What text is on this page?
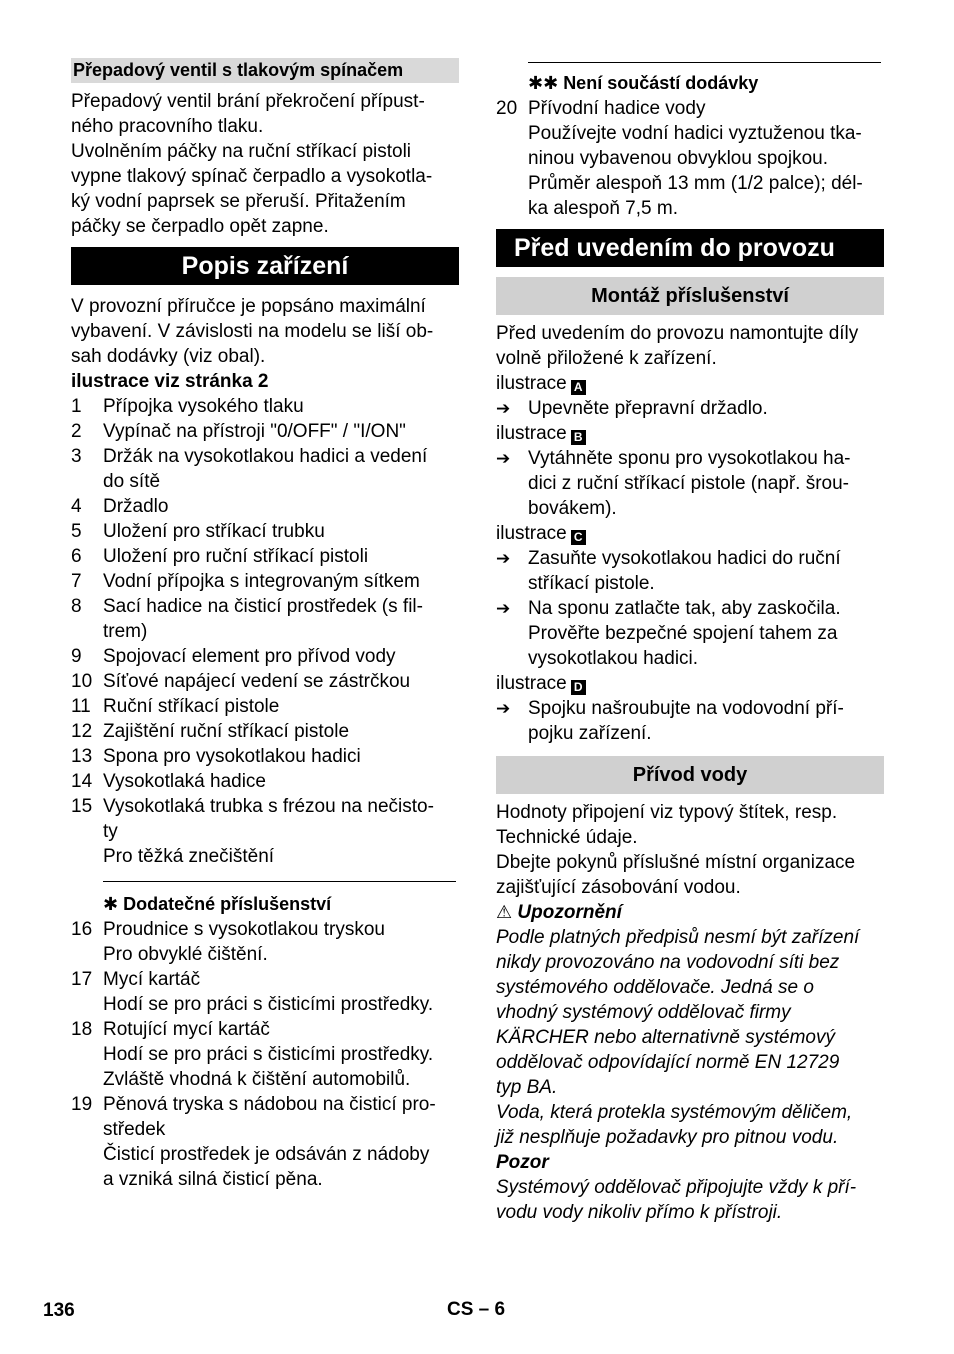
Přepadový ventil s tlakovým spínačem

Přepadový ventil brání překročení přípust-
ného pracovního tlaku.
Uvolněním páčky na ruční stříkací pistoli
vypne tlakový spínač čerpadlo a vysokotla-
ký vodní paprsek se přeruší. Přitažením
páčky se čerpadlo opět zapne.

Popis zařízení

V provozní příručce je popsáno maximální
vybavení. V závislosti na modelu se liší ob-
sah dodávky (viz obal).

ilustrace viz stránka 2

1	Přípojka vysokého tlaku
2	Vypínač na přístroji "0/OFF" / "I/ON"
3	Držák na vysokotlakou hadici a vedení
do sítě
4	Držadlo
5	Uložení pro stříkací trubku
6	Uložení pro ruční stříkací pistoli
7	Vodní přípojka s integrovaným sítkem
8	Sací hadice na čisticí prostředek (s fil-
trem)
9	Spojovací element pro přívod vody
10 Síťové napájecí vedení se zástrčkou
11 Ruční stříkací pistole
12 Zajištění ruční stříkací pistole
13 Spona pro vysokotlakou hadici
14 Vysokotlaká hadice
15 Vysokotlaká trubka s frézou na nečisto-
ty
Pro těžká znečištění
✱ Dodatečné příslušenství
16 Proudnice s vysokotlakou tryskou
Pro obvyklé čištění.
17 Mycí kartáč
Hodí se pro práci s čisticími prostředky.
18 Rotující mycí kartáč
Hodí se pro práci s čisticími prostředky.
Zvláště vhodná k čištění automobilů.
19 Pěnová tryska s nádobou na čisticí pro-
středek
Čisticí prostředek je odsáván z nádoby
a vzniká silná čisticí pěna.
✱✱ Není součástí dodávky
20 Přívodní hadice vody
Používejte vodní hadici vyztuženou tka-
ninou vybavenou obvyklou spojkou.
Průměr alespoň 13 mm (1/2 palce); dél-
ka alespoň 7,5 m.
Před uvedením do provozu
Montáž příslušenství

Před uvedením do provozu namontujte díly
volně přiložené k zařízení.

ilustrace A

➔ Upevněte přepravní držadlo.

ilustrace B

➔ Vytáhněte sponu pro vysokotlakou ha-
dici z ruční stříkací pistole (např. šrou-
bovákem).

ilustrace C

➔ Zasuňte vysokotlakou hadici do ruční
stříkací pistole.
➔ Na sponu zatlačte tak, aby zaskočila.
Prověřte bezpečné spojení tahem za
vysokotlakou hadici.

ilustrace D

➔ Spojku našroubujte na vodovodní pří-
pojku zařízení.
Přívod vody

Hodnoty připojení viz typový štítek, resp.
Technické údaje.
Dbejte pokynů příslušné místní organizace
zajišťující zásobování vodou.

⚠ Upozornění

Podle platných předpisů nesmí být zařízení
nikdy provozováno na vodovodní síti bez
systémového oddělovače. Jedná se o
vhodný systémový oddělovač firmy
KÄRCHER nebo alternativně systémový
oddělovač odpovídající normě EN 12729
typ BA.
Voda, která protekla systémovým děličem,
již nesplňuje požadavky pro pitnou vodu.

Pozor

Systémový oddělovač připojujte vždy k pří-
vodu vody nikoliv přímo k přístroji.
136	CS – 6
